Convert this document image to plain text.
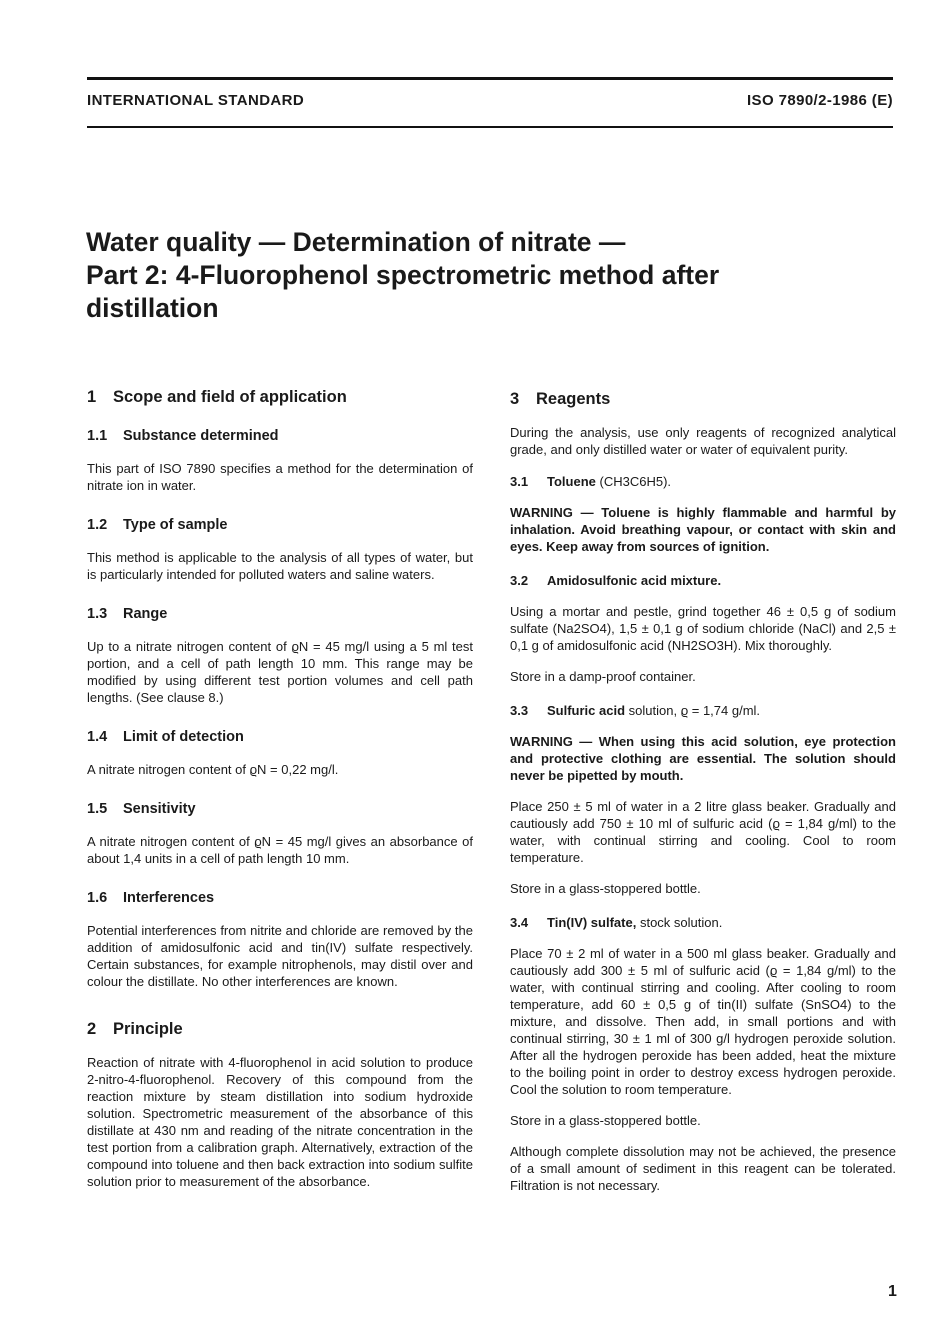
INTERNATIONAL STANDARD	ISO 7890/2-1986 (E)
Water quality — Determination of nitrate —
Part 2: 4-Fluorophenol spectrometric method after
distillation
1 Scope and field of application
1.1 Substance determined

This part of ISO 7890 specifies a method for the determination of nitrate ion in water.

1.2 Type of sample

This method is applicable to the analysis of all types of water, but is particularly intended for polluted waters and saline waters.

1.3 Range

Up to a nitrate nitrogen content of ϱN = 45 mg/l using a 5 ml test portion, and a cell of path length 10 mm. This range may be modified by using different test portion volumes and cell path lengths. (See clause 8.)

1.4 Limit of detection

A nitrate nitrogen content of ϱN = 0,22 mg/l.

1.5 Sensitivity

A nitrate nitrogen content of ϱN = 45 mg/l gives an absorbance of about 1,4 units in a cell of path length 10 mm.

1.6 Interferences

Potential interferences from nitrite and chloride are removed by the addition of amidosulfonic acid and tin(IV) sulfate respectively. Certain substances, for example nitrophenols, may distil over and colour the distillate. No other interferences are known.

2 Principle

Reaction of nitrate with 4-fluorophenol in acid solution to produce 2-nitro-4-fluorophenol. Recovery of this compound from the reaction mixture by steam distillation into sodium hydroxide solution. Spectrometric measurement of the absorbance of this distillate at 430 nm and reading of the nitrate concentration in the test portion from a calibration graph. Alternatively, extraction of the compound into toluene and then back extraction into sodium sulfite solution prior to measurement of the absorbance.

3 Reagents

During the analysis, use only reagents of recognized analytical grade, and only distilled water or water of equivalent purity.

3.1 Toluene (CH3C6H5).

WARNING — Toluene is highly flammable and harmful by inhalation. Avoid breathing vapour, or contact with skin and eyes. Keep away from sources of ignition.

3.2 Amidosulfonic acid mixture.

Using a mortar and pestle, grind together 46 ± 0,5 g of sodium sulfate (Na2SO4), 1,5 ± 0,1 g of sodium chloride (NaCl) and 2,5 ± 0,1 g of amidosulfonic acid (NH2SO3H). Mix thoroughly.

Store in a damp-proof container.

3.3 Sulfuric acid solution, ϱ = 1,74 g/ml.

WARNING — When using this acid solution, eye protection and protective clothing are essential. The solution should never be pipetted by mouth.

Place 250 ± 5 ml of water in a 2 litre glass beaker. Gradually and cautiously add 750 ± 10 ml of sulfuric acid (ϱ = 1,84 g/ml) to the water, with continual stirring and cooling. Cool to room temperature.

Store in a glass-stoppered bottle.

3.4 Tin(IV) sulfate, stock solution.

Place 70 ± 2 ml of water in a 500 ml glass beaker. Gradually and cautiously add 300 ± 5 ml of sulfuric acid (ϱ = 1,84 g/ml) to the water, with continual stirring and cooling. After cooling to room temperature, add 60 ± 0,5 g of tin(II) sulfate (SnSO4) to the mixture, and dissolve. Then add, in small portions and with continual stirring, 30 ± 1 ml of 300 g/l hydrogen peroxide solution. After all the hydrogen peroxide has been added, heat the mixture to the boiling point in order to destroy excess hydrogen peroxide. Cool the solution to room temperature.

Store in a glass-stoppered bottle.

Although complete dissolution may not be achieved, the presence of a small amount of sediment in this reagent can be tolerated. Filtration is not necessary.

1
